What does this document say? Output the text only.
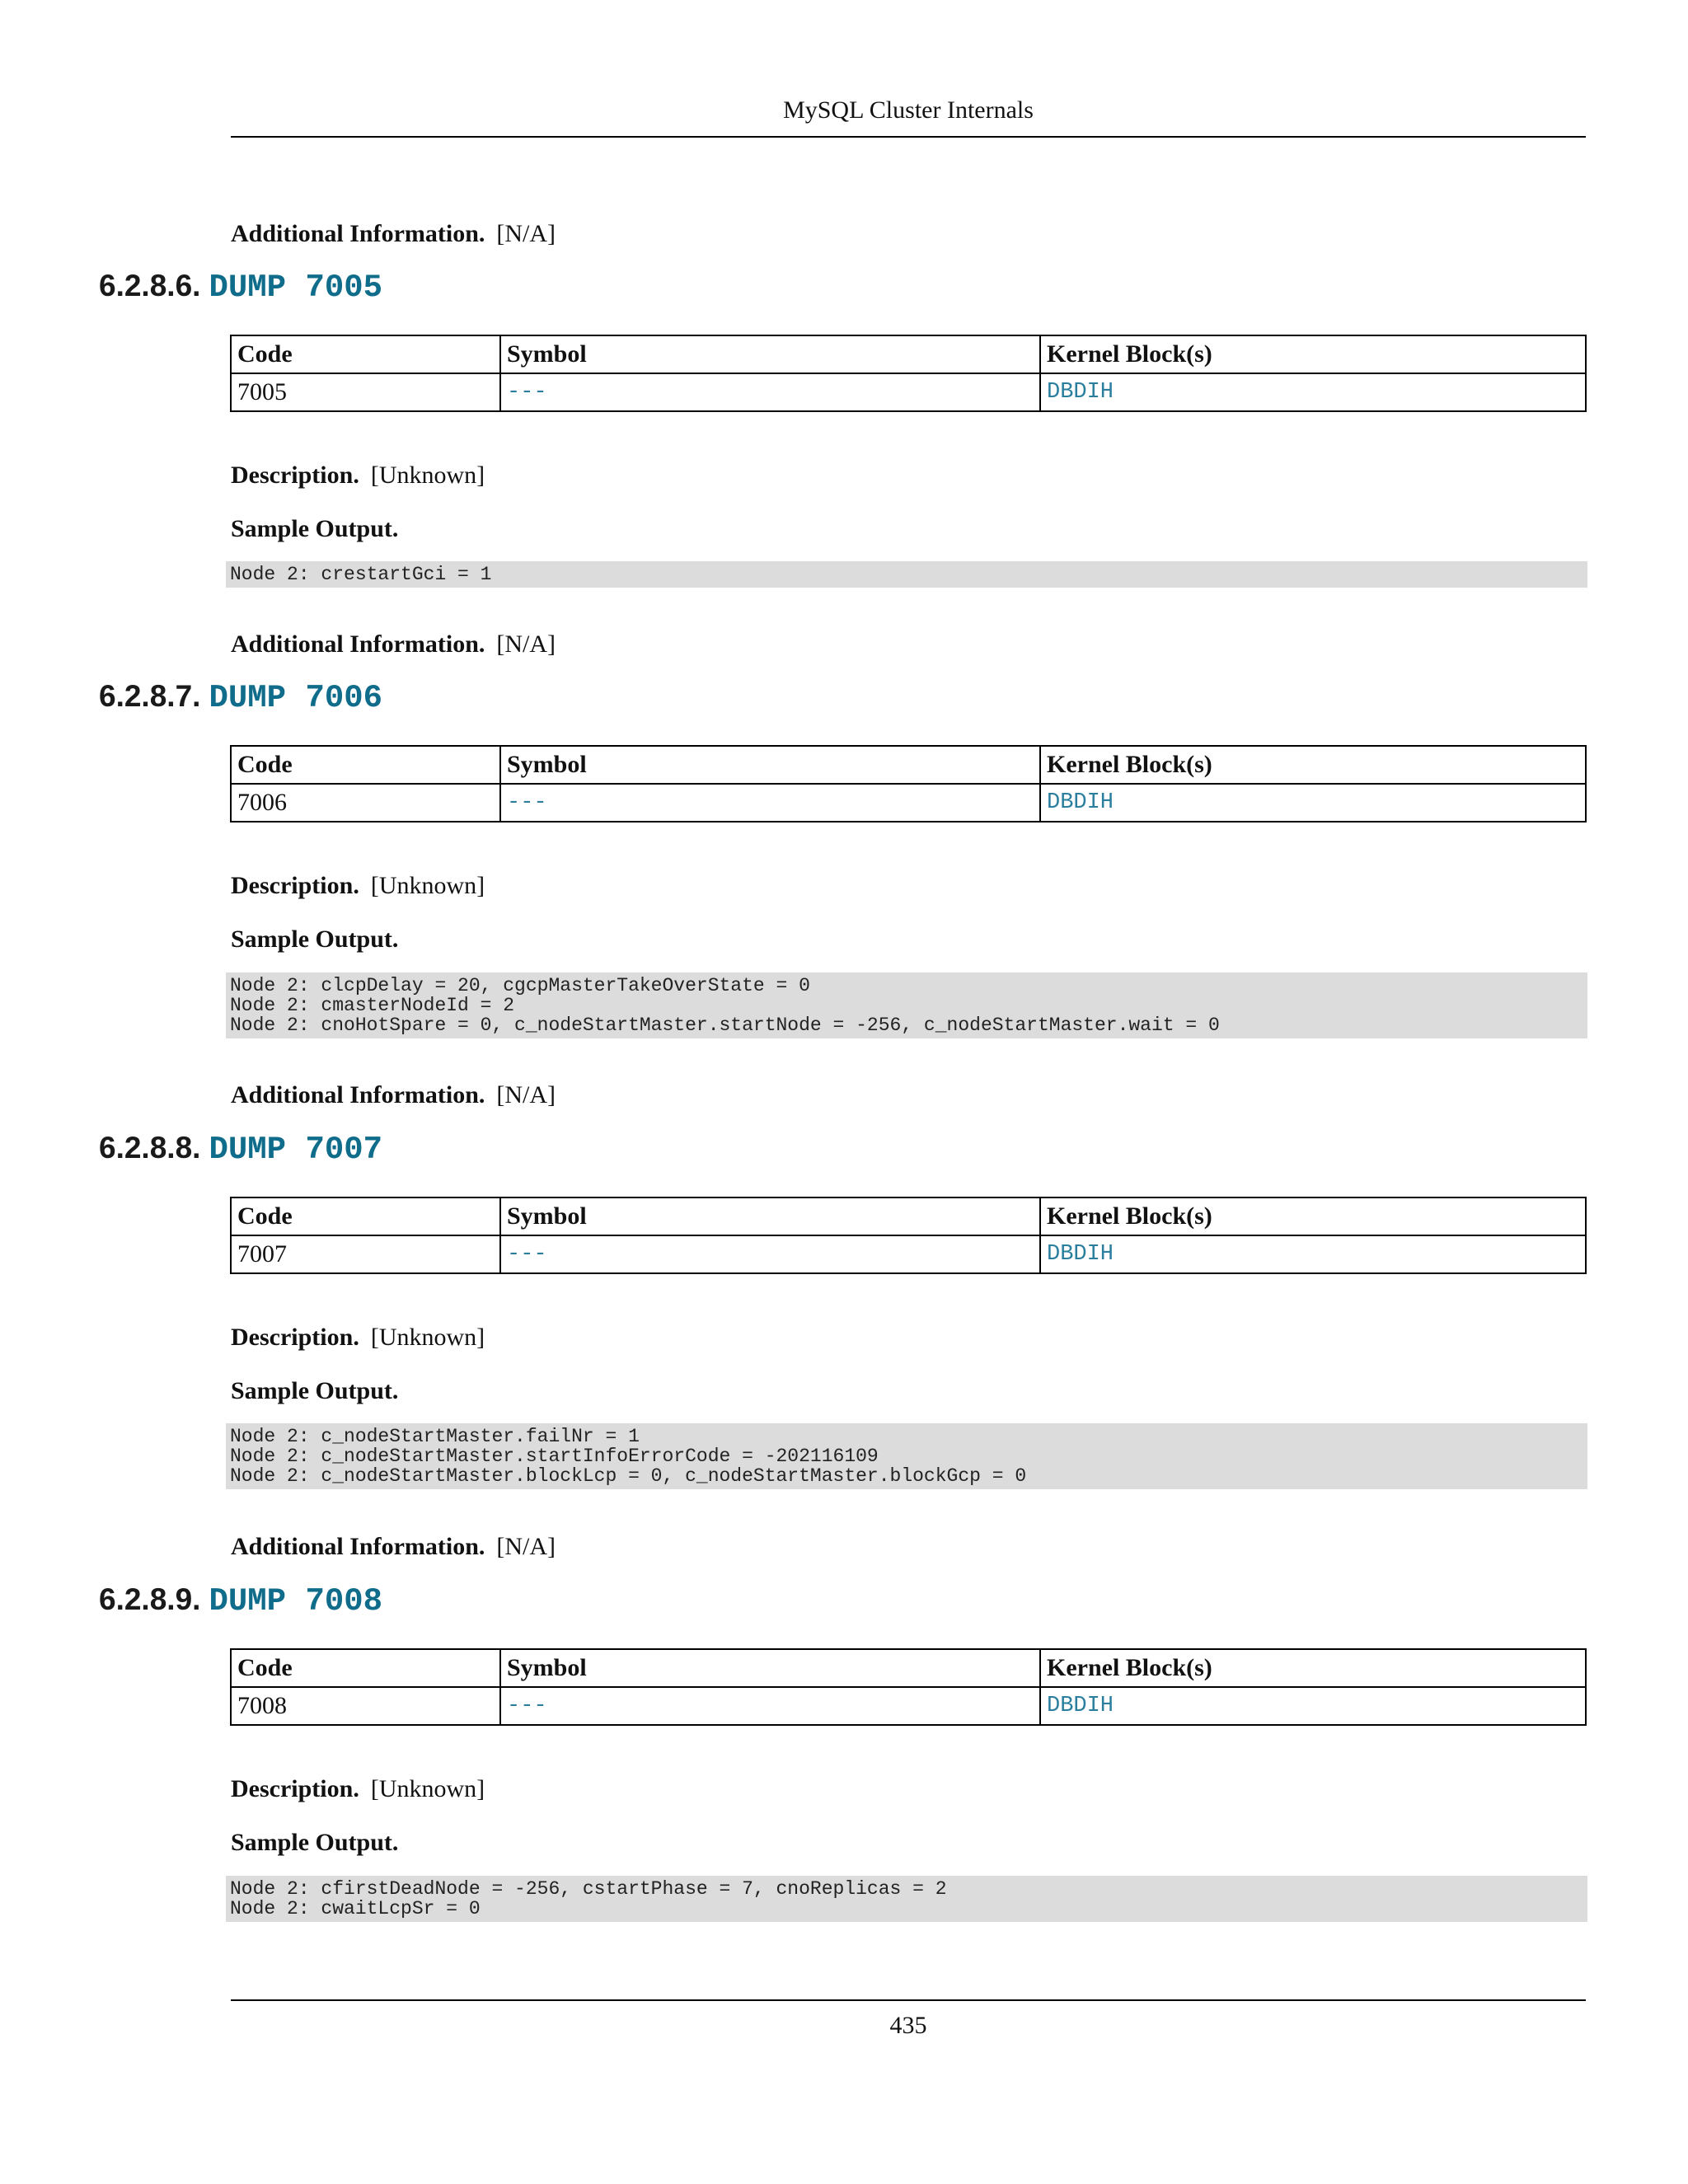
MySQL Cluster Internals
Additional Information. [N/A]
6.2.8.6. DUMP 7005
Code	Symbol	Kernel Block(s)
7005	---	DBDIH
Description. [Unknown]
Sample Output.
Node 2: crestartGci = 1
Additional Information. [N/A]
6.2.8.7. DUMP 7006
Code	Symbol	Kernel Block(s)
7006	---	DBDIH
Description. [Unknown]
Sample Output.
Node 2: clcpDelay = 20, cgcpMasterTakeOverState = 0
Node 2: cmasterNodeId = 2
Node 2: cnoHotSpare = 0, c_nodeStartMaster.startNode = -256, c_nodeStartMaster.wait = 0
Additional Information. [N/A]
6.2.8.8. DUMP 7007
Code	Symbol	Kernel Block(s)
7007	---	DBDIH
Description. [Unknown]
Sample Output.
Node 2: c_nodeStartMaster.failNr = 1
Node 2: c_nodeStartMaster.startInfoErrorCode = -202116109
Node 2: c_nodeStartMaster.blockLcp = 0, c_nodeStartMaster.blockGcp = 0
Additional Information. [N/A]
6.2.8.9. DUMP 7008
Code	Symbol	Kernel Block(s)
7008	---	DBDIH
Description. [Unknown]
Sample Output.
Node 2: cfirstDeadNode = -256, cstartPhase = 7, cnoReplicas = 2
Node 2: cwaitLcpSr = 0
435
